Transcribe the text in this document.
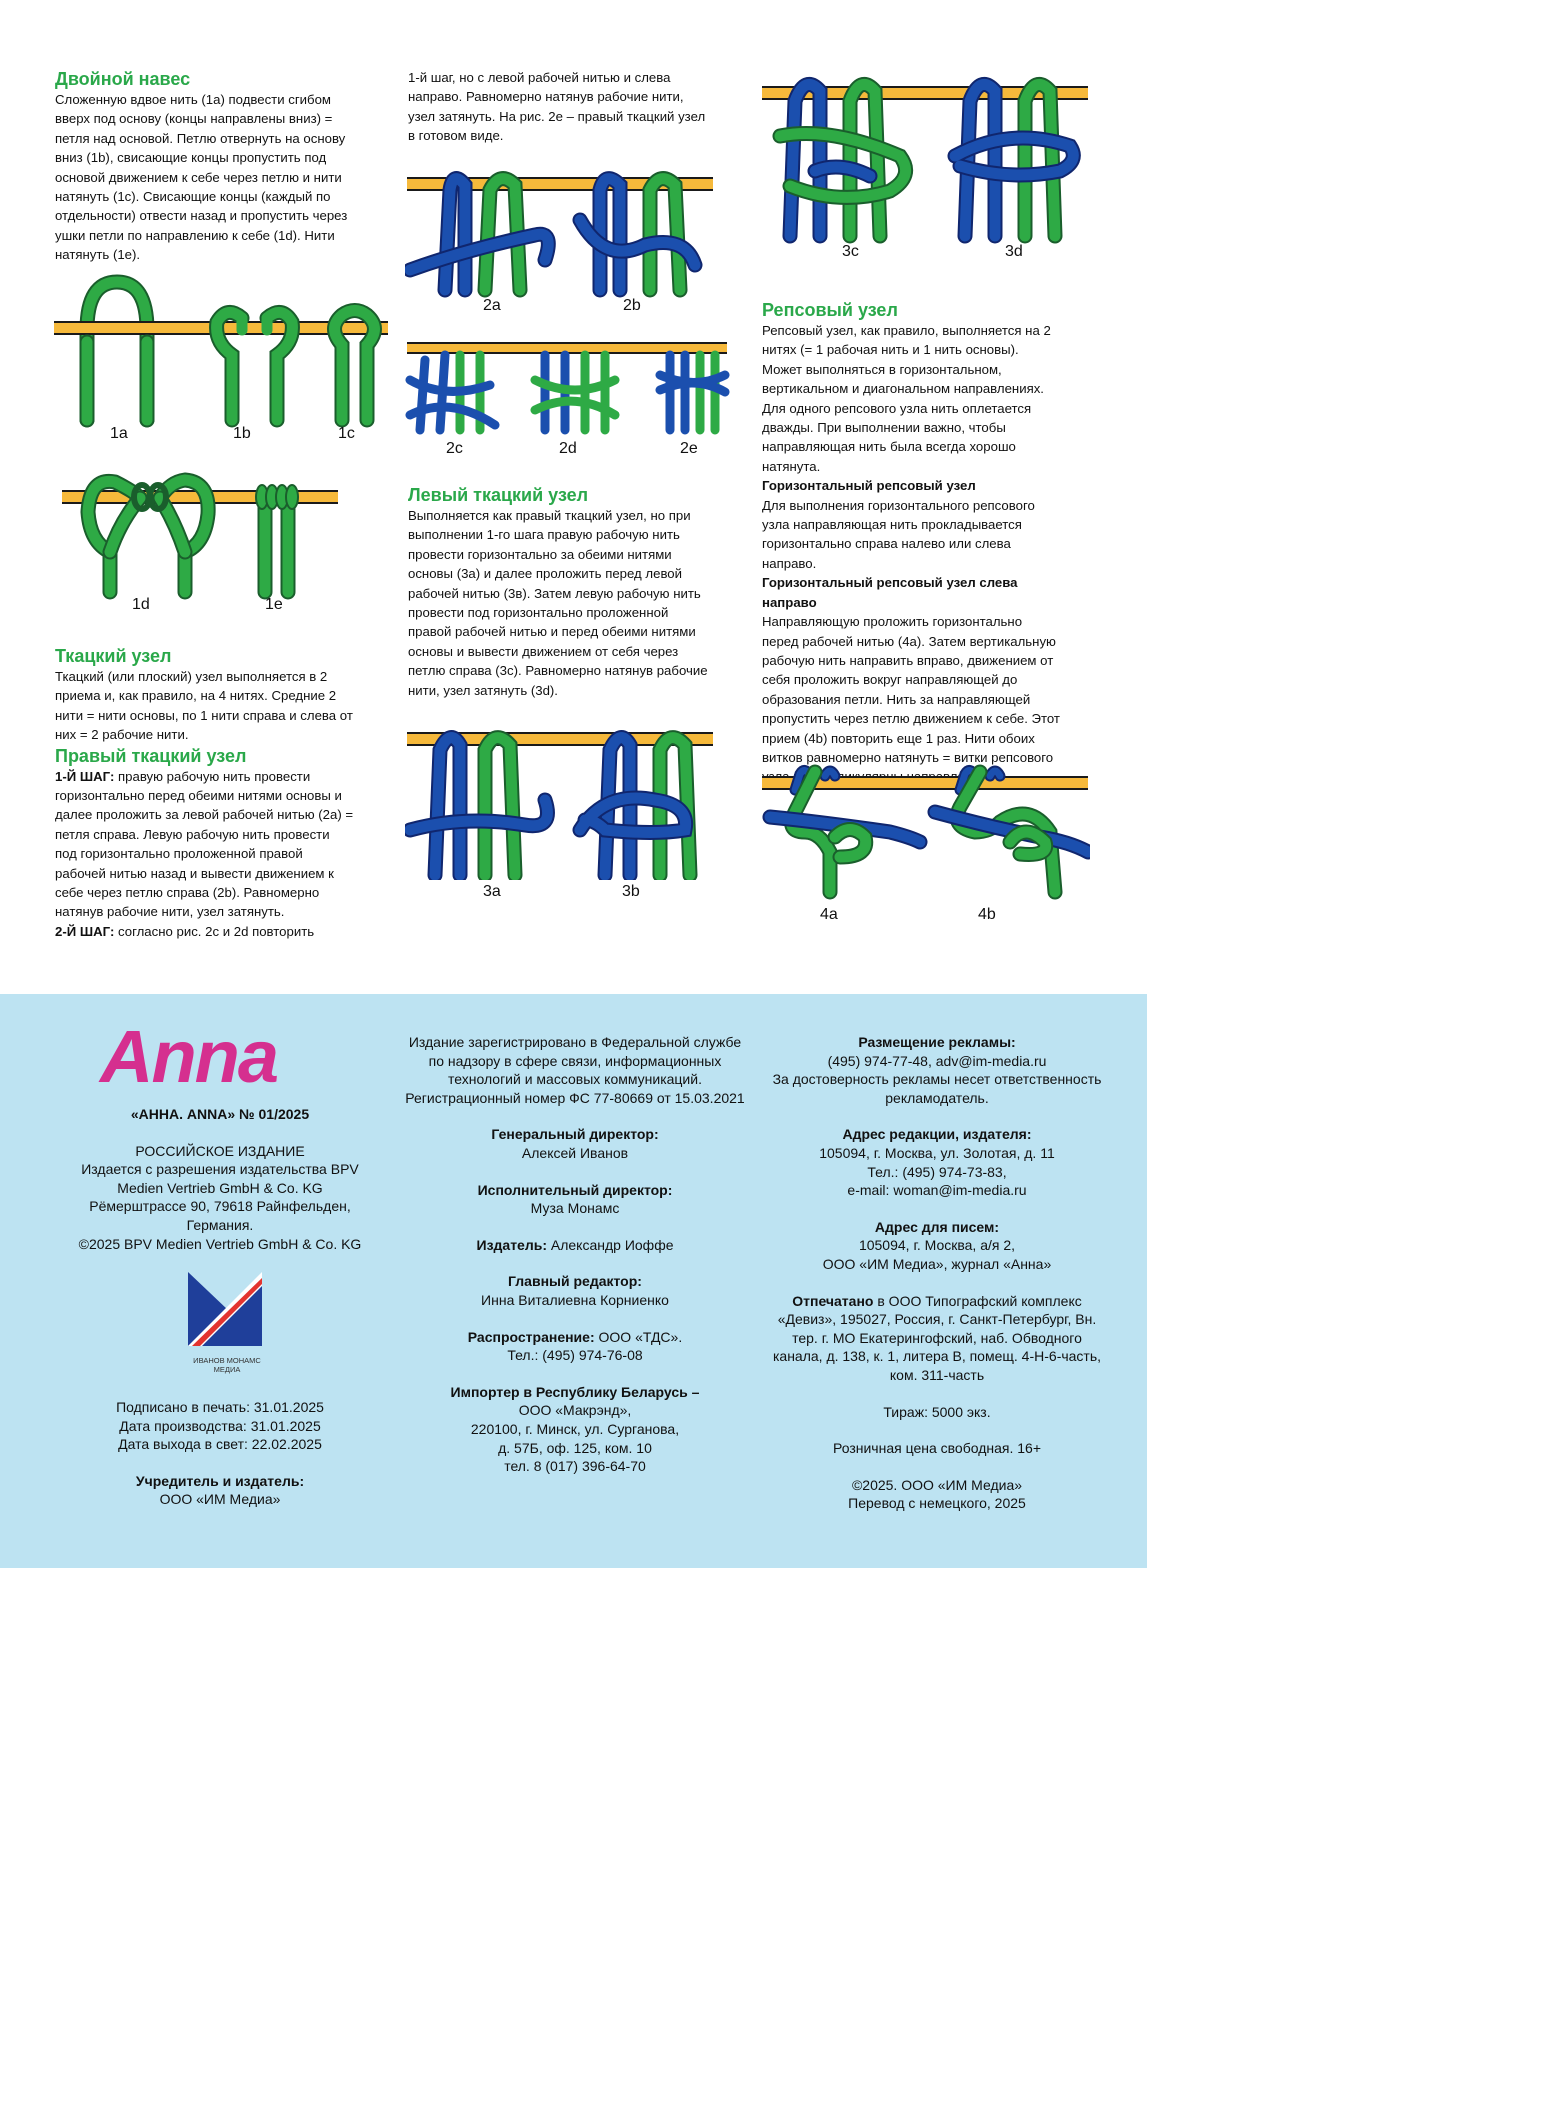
Двойной навес

Сложенную вдвое нить (1a) подвести сгибом вверх под основу (концы направлены вниз) = петля над основой. Петлю отвернуть на основу вниз (1b), свисающие концы пропустить под основой движением к себе через петлю и нити натянуть (1c). Свисающие концы (каждый по отдельности) отвести назад и пропустить через ушки петли по направлению к себе (1d). Нити натянуть (1e).

1a	1b	1c
1d	1e
Ткацкий узел

Ткацкий (или плоский) узел выполняется в 2 приема и, как правило, на 4 нитях. Средние 2 нити = нити основы, по 1 нити справа и слева от них = 2 рабочие нити.

Правый ткацкий узел

1-Й ШАГ: правую рабочую нить провести горизонтально перед обеими нитями основы и далее проложить за левой рабочей нитью (2a) = петля справа. Левую рабочую нить провести под горизонтально проложенной правой рабочей нитью назад и вывести движением к себе через петлю справа (2b). Равномерно натянув рабочие нити, узел затянуть.

2-Й ШАГ: согласно рис. 2c и 2d повторить

1-й шаг, но с левой рабочей нитью и слева направо. Равномерно натянув рабочие нити, узел затянуть. На рис. 2e – правый ткацкий узел в готовом виде.

2a	2b
2c	2d	2e
Левый ткацкий узел

Выполняется как правый ткацкий узел, но при выполнении 1-го шага правую рабочую нить провести горизонтально за обеими нитями основы (3a) и далее проложить перед левой рабочей нитью (3в). Затем левую рабочую нить провести под горизонтально проложенной правой рабочей нитью и перед обеими нитями основы и вывести движением от себя через петлю справа (3c). Равномерно натянув рабочие нити, узел затянуть (3d).

3a	3b
3c	3d
Репсовый узел

Репсовый узел, как правило, выполняется на 2 нитях (= 1 рабочая нить и 1 нить основы). Может выполняться в горизонтальном, вертикальном и диагональном направлениях. Для одного репсового узла нить оплетается дважды. При выполнении важно, чтобы направляющая нить была всегда хорошо натянута.

Горизонтальный репсовый узел

Для выполнения горизонтального репсового узла направляющая нить прокладывается горизонтально справа налево или слева направо.

Горизонтальный репсовый узел слева направо

Направляющую проложить горизонтально перед рабочей нитью (4a). Затем вертикальную рабочую нить направить вправо, движением от себя проложить вокруг направляющей до образования петли. Нить за направляющей пропустить через петлю движением к себе. Этот прием (4b) повторить еще 1 раз. Нити обоих витков равномерно натянуть = витки репсового

4a	4b
Anna

«АННА. ANNA» № 01/2025

РОССИЙСКОЕ ИЗДАНИЕ
Издается с разрешения издательства BPV Medien Vertrieb GmbH & Co. KG
Рёмерштрассе 90, 79618 Райнфельден, Германия.
©2025 BPV Medien Vertrieb GmbH & Co. KG

ИВАНОВ МОНАМС
МЕДИА

Подписано в печать: 31.01.2025
Дата производства: 31.01.2025
Дата выхода в свет: 22.02.2025

Учредитель и издатель:
ООО «ИМ Медиа»

Издание зарегистрировано в Федеральной службе по надзору в сфере связи, информационных технологий и массовых коммуникаций.
Регистрационный номер ФС 77-80669 от 15.03.2021

Генеральный директор:
Алексей Иванов

Исполнительный директор:
Муза Монамс

Издатель: Александр Иоффе

Главный редактор:
Инна Виталиевна Корниенко

Распространение: ООО «ТДС».
Тел.: (495) 974-76-08

Импортер в Республику Беларусь –
ООО «Макрэнд»,
220100, г. Минск, ул. Сурганова,
д. 57Б, оф. 125, ком. 10
тел. 8 (017) 396-64-70

Размещение рекламы:
(495) 974-77-48, adv@im-media.ru
За достоверность рекламы несет ответственность рекламодатель.

Адрес редакции, издателя:
105094, г. Москва, ул. Золотая, д. 11
Тел.: (495) 974-73-83,
e-mail: woman@im-media.ru

Адрес для писем:
105094, г. Москва, а/я 2,
ООО «ИМ Медиа», журнал «Анна»

Отпечатано в ООО Типографский комплекс «Девиз», 195027, Россия, г. Санкт-Петербург, Вн. тер. г. МО Екатерингофский, наб. Обводного канала, д. 138, к. 1, литера В, помещ. 4-Н-6-часть, ком. 311-часть

Тираж: 5000 экз.

Розничная цена свободная. 16+

©2025. ООО «ИМ Медиа»
Перевод с немецкого, 2025
